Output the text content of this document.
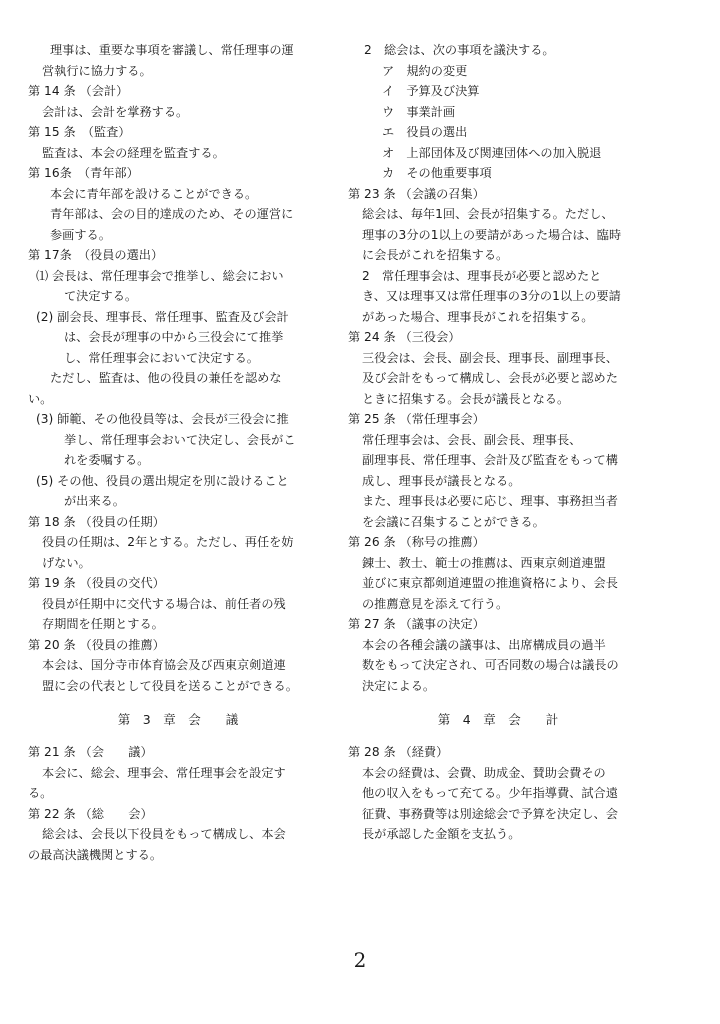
理事は、重要な事項を審議し、常任理事の運

営執行に協力する。

第 14 条 （会計）

会計は、会計を掌務する。

第 15 条　（監査）

監査は、本会の経理を監査する。

第 16条　（青年部）

本会に青年部を設けることができる。

青年部は、会の目的達成のため、その運営に

参画する。

第 17条　（役員の選出）

⑴ 会長は、常任理事会で推挙し、総会におい

て決定する。

(2) 副会長、理事長、常任理事、監査及び会計

は、会長が理事の中から三役会にて推挙

し、常任理事会において決定する。

ただし、監査は、他の役員の兼任を認めな

い。

(3) 師範、その他役員等は、会長が三役会に推

挙し、常任理事会おいて決定し、会長がこ

れを委嘱する。

(5) その他、役員の選出規定を別に設けること

が出来る。

第 18 条 （役員の任期）

役員の任期は、2年とする。ただし、再任を妨

げない。

第 19 条 （役員の交代）

役員が任期中に交代する場合は、前任者の残

存期間を任期とする。

第 20 条 （役員の推薦）

本会は、国分寺市体育協会及び西東京剣道連

盟に会の代表として役員を送ることができる。

第　3　章　会　　議

第 21 条 （会　　議）

本会に、総会、理事会、常任理事会を設定す

る。

第 22 条 （総　　会）

総会は、会長以下役員をもって構成し、本会

の最高決議機関とする。

2　総会は、次の事項を議決する。

ア　規約の変更

イ　予算及び決算

ウ　事業計画

エ　役員の選出

オ　上部団体及び関連団体への加入脱退

カ　その他重要事項

第 23 条 （会議の召集）

総会は、毎年1回、会長が招集する。ただし、

理事の3分の1以上の要請があった場合は、臨時

に会長がこれを招集する。

2　常任理事会は、理事長が必要と認めたと

き、又は理事又は常任理事の3分の1以上の要請

があった場合、理事長がこれを招集する。

第 24 条 （三役会）

三役会は、会長、副会長、理事長、副理事長、

及び会計をもって構成し、会長が必要と認めた

ときに招集する。会長が議長となる。

第 25 条 （常任理事会）

常任理事会は、会長、副会長、理事長、

副理事長、常任理事、会計及び監査をもって構

成し、理事長が議長となる。

また、理事長は必要に応じ、理事、事務担当者

を会議に召集することができる。

第 26 条 （称号の推薦）

錬士、教士、範士の推薦は、西東京剣道連盟

並びに東京都剣道連盟の推進資格により、会長

の推薦意見を添えて行う。

第 27 条 （議事の決定）

本会の各種会議の議事は、出席構成員の過半

数をもって決定され、可否同数の場合は議長の

決定による。

第　4　章　会　　計

第 28 条 （経費）

本会の経費は、会費、助成金、賛助会費その

他の収入をもって充てる。少年指導費、試合遠

征費、事務費等は別途総会で予算を決定し、会

長が承認した金額を支払う。

2
